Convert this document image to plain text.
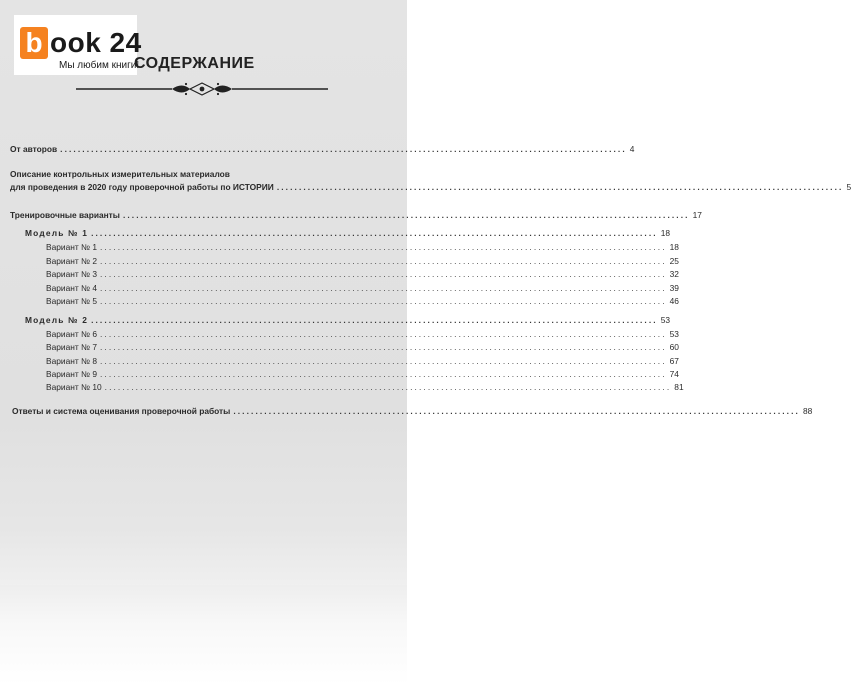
b ook 24
Мы любим книги!
СОДЕРЖАНИЕ
От авторов ................................................................................................................................ 4
Описание контрольных измерительных материалов
для проведения в 2020 году проверочной работы по ИСТОРИИ ................................................................................................................................ 5
Тренировочные варианты ................................................................................................................................ 17
Модель № 1 ................................................................................................................................ 18
Вариант № 1 ................................................................................................................................ 18
Вариант № 2 ................................................................................................................................ 25
Вариант № 3 ................................................................................................................................ 32
Вариант № 4 ................................................................................................................................ 39
Вариант № 5 ................................................................................................................................ 46
Модель № 2 ................................................................................................................................ 53
Вариант № 6 ................................................................................................................................ 53
Вариант № 7 ................................................................................................................................ 60
Вариант № 8 ................................................................................................................................ 67
Вариант № 9 ................................................................................................................................ 74
Вариант № 10 ................................................................................................................................ 81
Ответы и система оценивания проверочной работы ................................................................................................................................ 88
